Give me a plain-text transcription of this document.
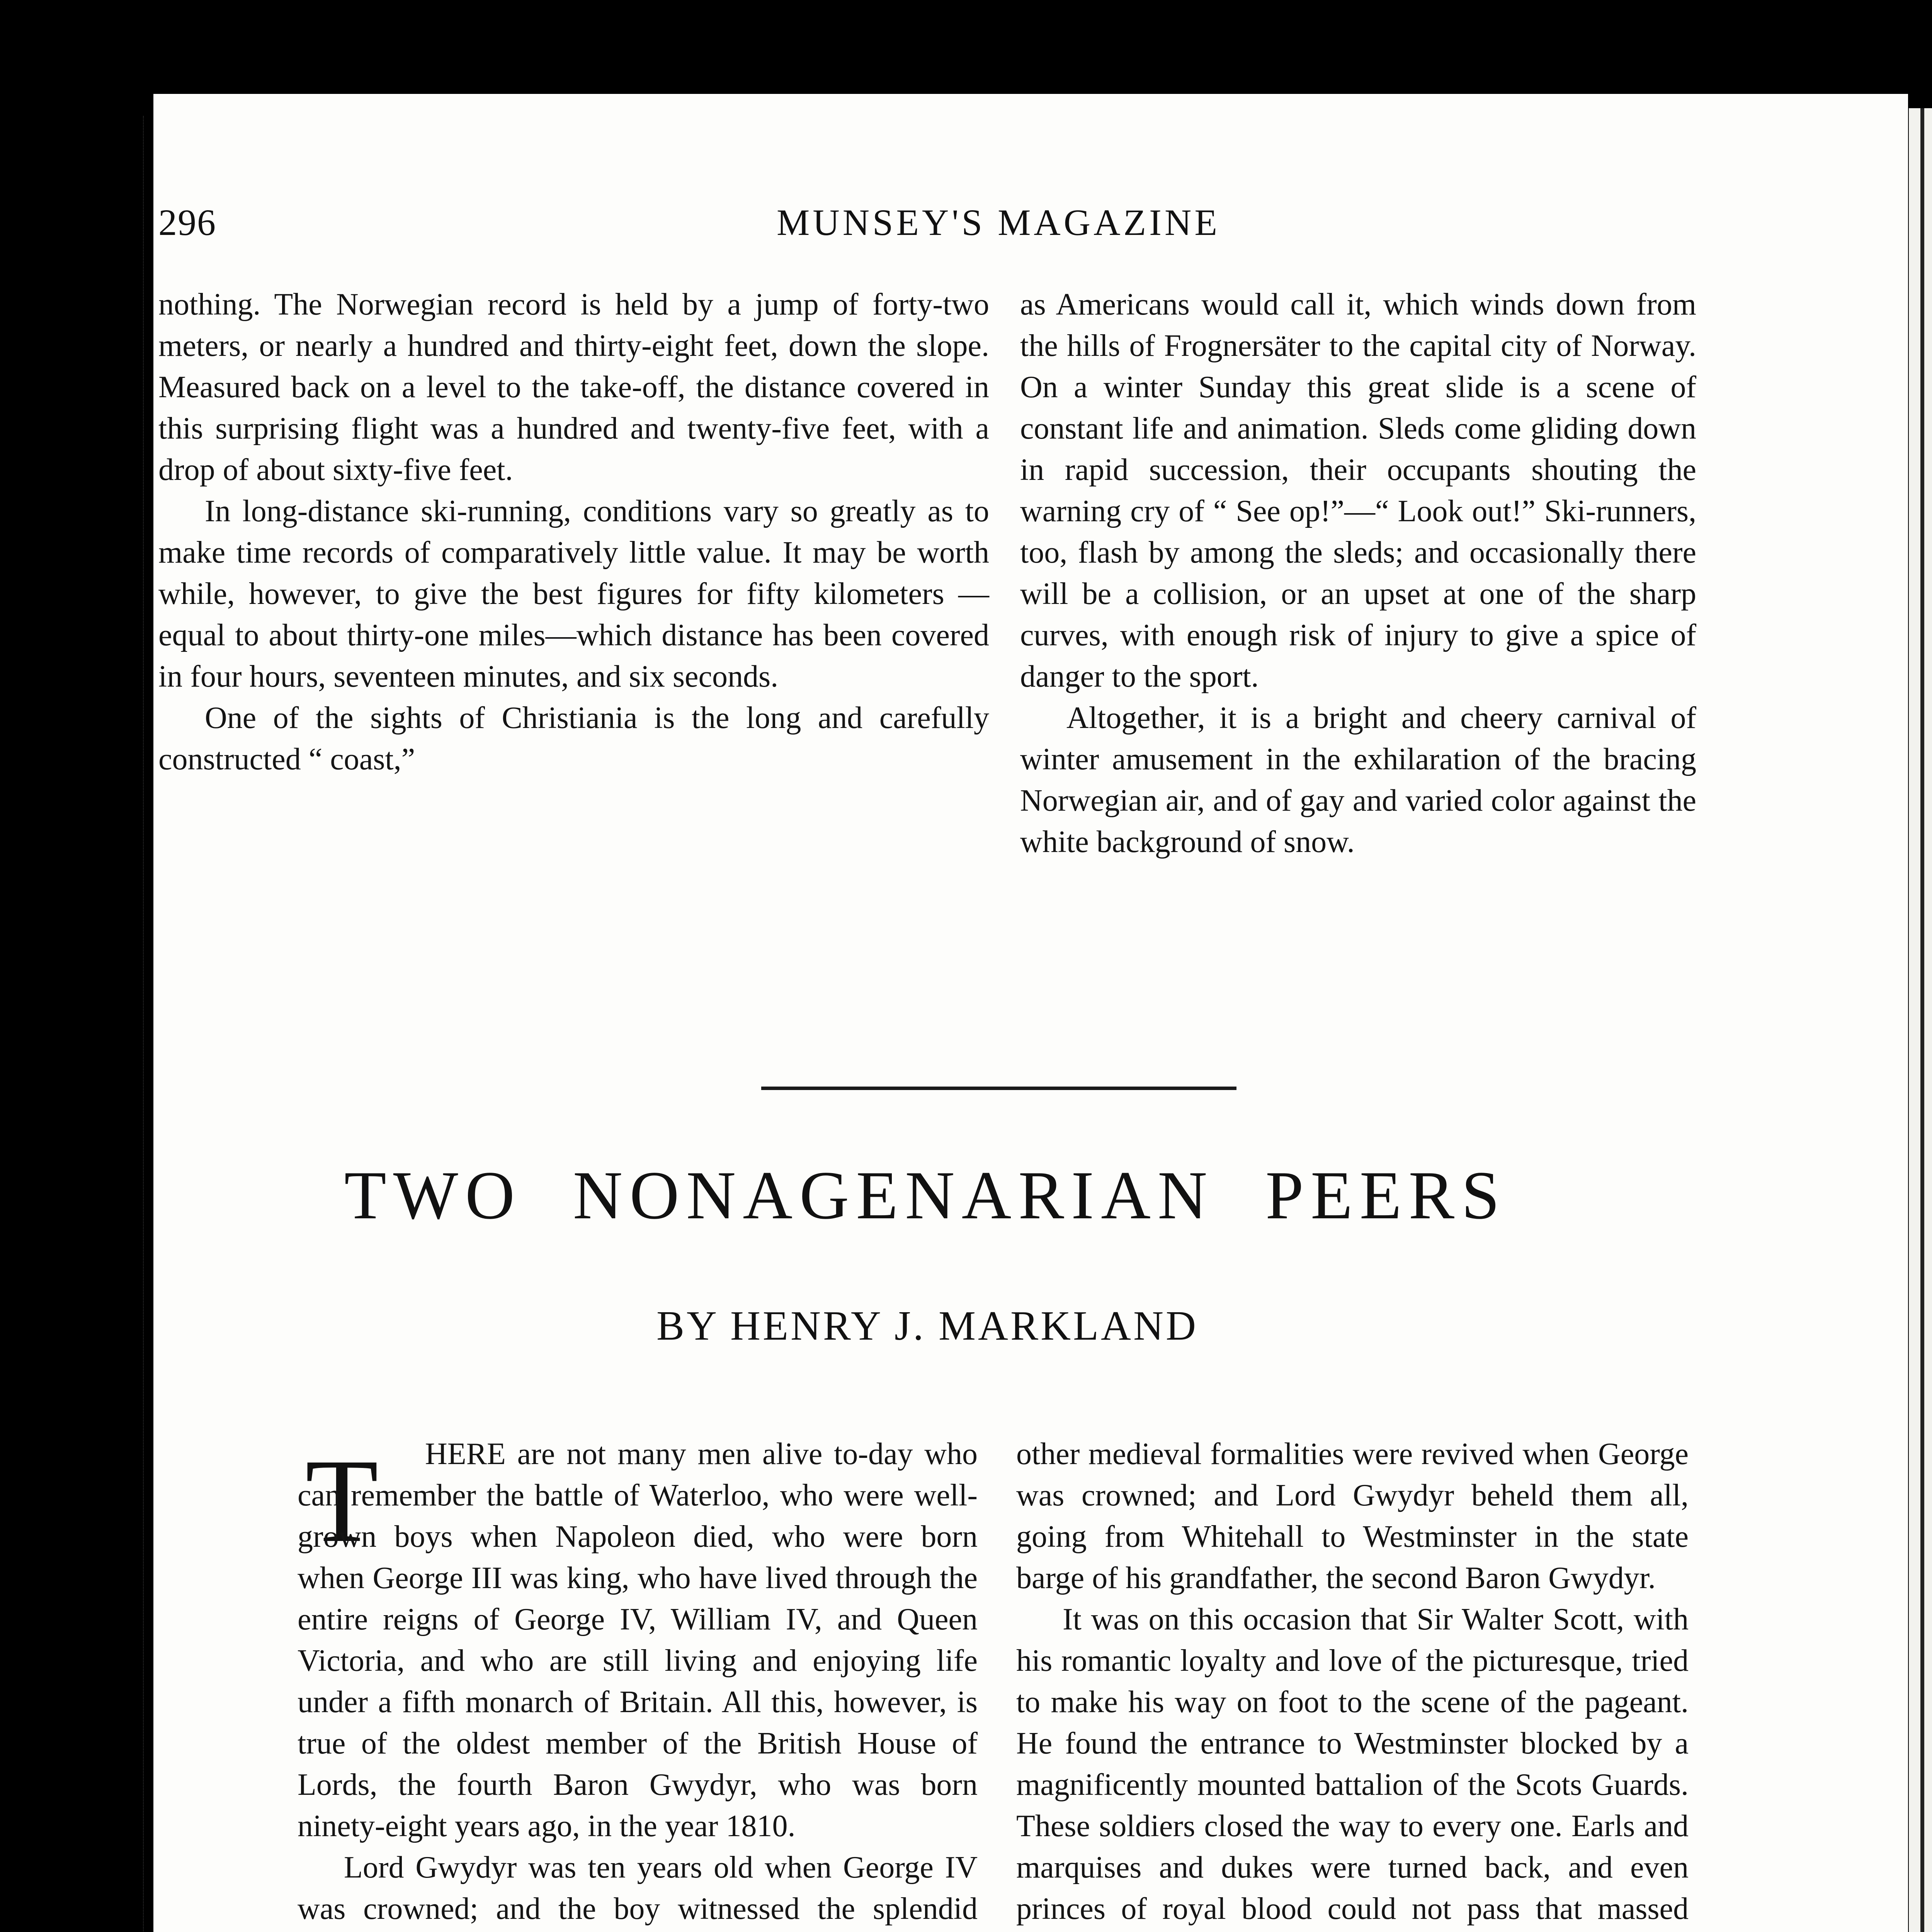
296	MUNSEY'S MAGAZINE

nothing. The Norwegian record is held by a jump of forty-two meters, or nearly a hundred and thirty-eight feet, down the slope. Measured back on a level to the take-off, the distance covered in this surprising flight was a hundred and twenty-five feet, with a drop of about sixty-five feet.

In long-distance ski-running, conditions vary so greatly as to make time records of comparatively little value. It may be worth while, however, to give the best figures for fifty kilometers — equal to about thirty-one miles—which distance has been covered in four hours, seventeen minutes, and six seconds.

One of the sights of Christiania is the long and carefully constructed “ coast,”

as Americans would call it, which winds down from the hills of Frognersäter to the capital city of Norway. On a winter Sunday this great slide is a scene of constant life and animation. Sleds come gliding down in rapid succession, their occupants shouting the warning cry of “ See op!”—“ Look out!” Ski-runners, too, flash by among the sleds; and occasionally there will be a collision, or an upset at one of the sharp curves, with enough risk of injury to give a spice of danger to the sport.

Altogether, it is a bright and cheery carnival of winter amusement in the exhilaration of the bracing Norwegian air, and of gay and varied color against the white background of snow.

TWO NONAGENARIAN PEERS
BY HENRY J. MARKLAND
T	HERE are not many men alive to-day who can remember the battle of Waterloo, who were well-grown boys when Napoleon died, who were born when George III was king, who have lived through the entire reigns of George IV, William IV, and Queen Victoria, and who are still living and enjoying life under a fifth monarch of Britain. All this, however, is true of the oldest member of the British House of Lords, the fourth Baron Gwydyr, who was born ninety-eight years ago, in the year 1810.

Lord Gwydyr was ten years old when George IV was crowned; and the boy witnessed the splendid

other medieval formalities were revived when George was crowned; and Lord Gwydyr beheld them all, going from Whitehall to Westminster in the state barge of his grandfather, the second Baron Gwydyr.

It was on this occasion that Sir Walter Scott, with his romantic loyalty and love of the picturesque, tried to make his way on foot to the scene of the pageant. He found the entrance to Westminster blocked by a magnificently mounted battalion of the Scots Guards. These soldiers closed the way to every one. Earls and marquises and dukes were turned back, and even princes of royal blood could not pass that massed
